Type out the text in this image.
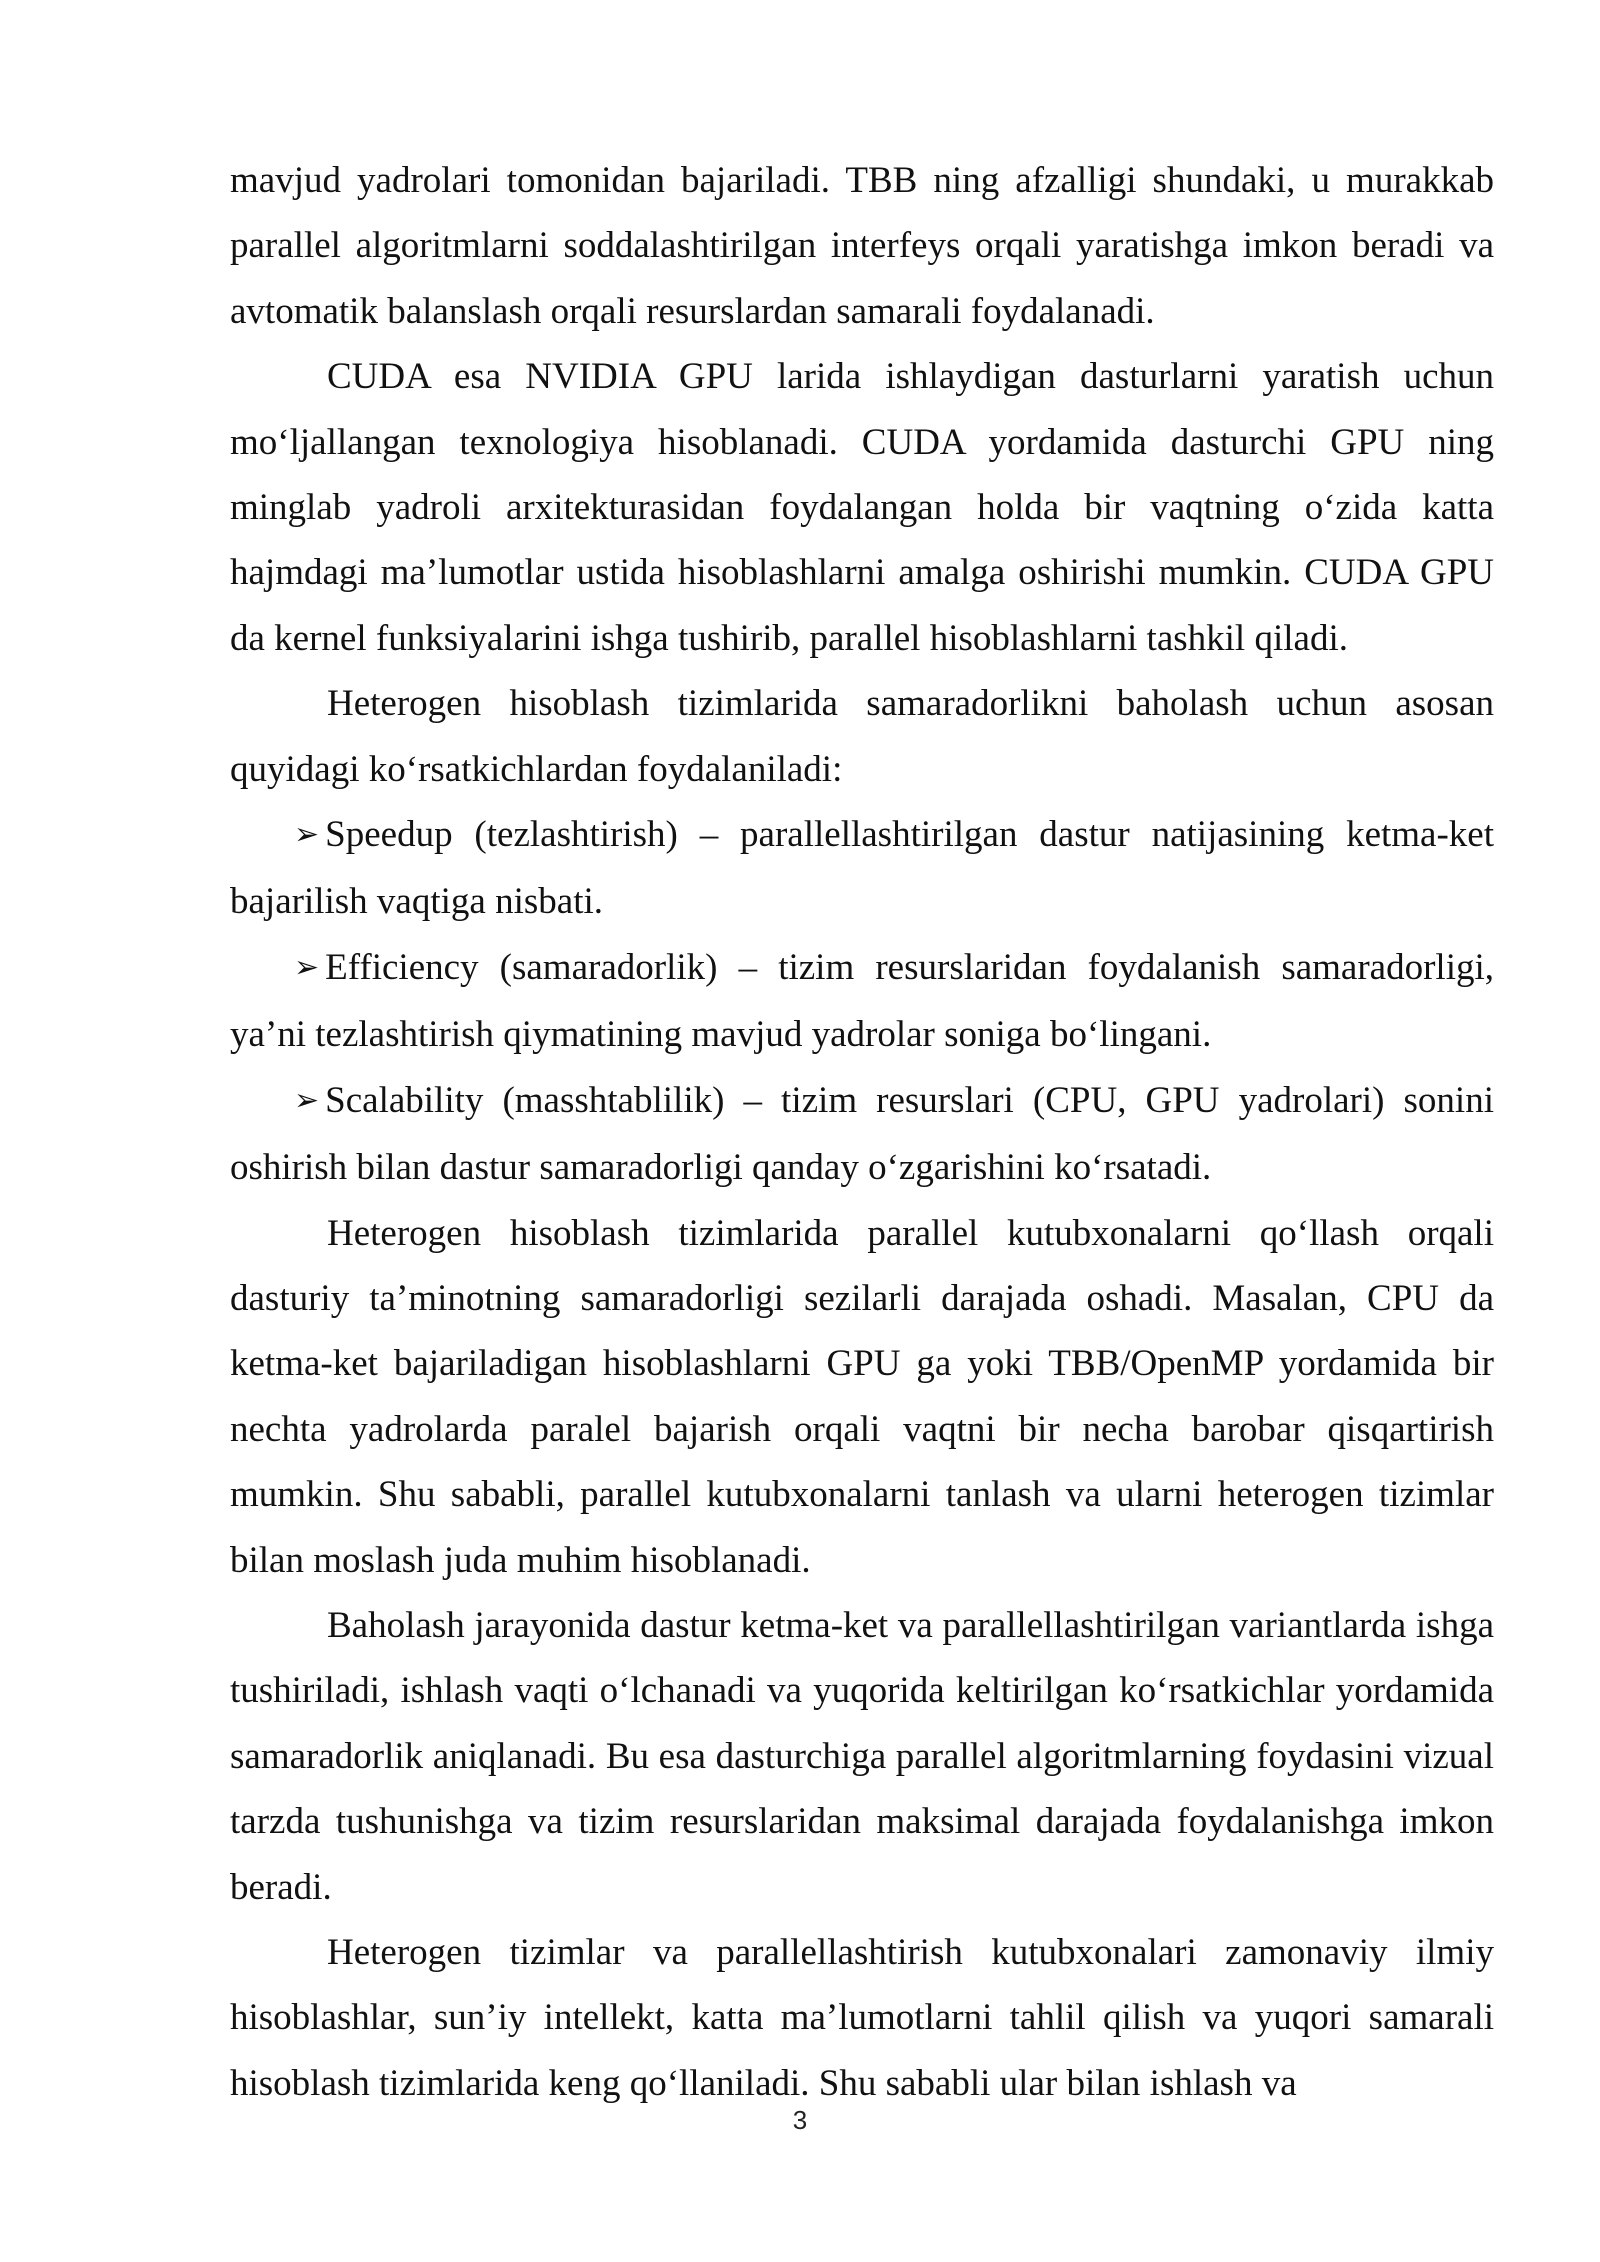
mavjud yadrolari tomonidan bajariladi. TBB ning afzalligi shundaki, u murakkab parallel algoritmlarni soddalashtirilgan interfeys orqali yaratishga imkon beradi va avtomatik balanslash orqali resurslardan samarali foydalanadi.

CUDA esa NVIDIA GPU larida ishlaydigan dasturlarni yaratish uchun mo‘ljallangan texnologiya hisoblanadi. CUDA yordamida dasturchi GPU ning minglab yadroli arxitekturasidan foydalangan holda bir vaqtning o‘zida katta hajmdagi ma’lumotlar ustida hisoblashlarni amalga oshirishi mumkin. CUDA GPU da kernel funksiyalarini ishga tushirib, parallel hisoblashlarni tashkil qiladi.

Heterogen hisoblash tizimlarida samaradorlikni baholash uchun asosan quyidagi ko‘rsatkichlardan foydalaniladi:

➢ Speedup (tezlashtirish) – parallellashtirilgan dastur natijasining ketma-ket bajarilish vaqtiga nisbati.

➢ Efficiency (samaradorlik) – tizim resurslaridan foydalanish samaradorligi, ya’ni tezlashtirish qiymatining mavjud yadrolar soniga bo‘lingani.

➢ Scalability (masshtablilik) – tizim resurslari (CPU, GPU yadrolari) sonini oshirish bilan dastur samaradorligi qanday o‘zgarishini ko‘rsatadi.

Heterogen hisoblash tizimlarida parallel kutubxonalarni qo‘llash orqali dasturiy ta’minotning samaradorligi sezilarli darajada oshadi. Masalan, CPU da ketma-ket bajariladigan hisoblashlarni GPU ga yoki TBB/OpenMP yordamida bir nechta yadrolarda paralel bajarish orqali vaqtni bir necha barobar qisqartirish mumkin. Shu sababli, parallel kutubxonalarni tanlash va ularni heterogen tizimlar bilan moslash juda muhim hisoblanadi.

Baholash jarayonida dastur ketma-ket va parallellashtirilgan variantlarda ishga tushiriladi, ishlash vaqti o‘lchanadi va yuqorida keltirilgan ko‘rsatkichlar yordamida samaradorlik aniqlanadi. Bu esa dasturchiga parallel algoritmlarning foydasini vizual tarzda tushunishga va tizim resurslaridan maksimal darajada foydalanishga imkon beradi.

Heterogen tizimlar va parallellashtirish kutubxonalari zamonaviy ilmiy hisoblashlar, sun’iy intellekt, katta ma’lumotlarni tahlil qilish va yuqori samarali hisoblash tizimlarida keng qo‘llaniladi. Shu sababli ular bilan ishlash va

3
